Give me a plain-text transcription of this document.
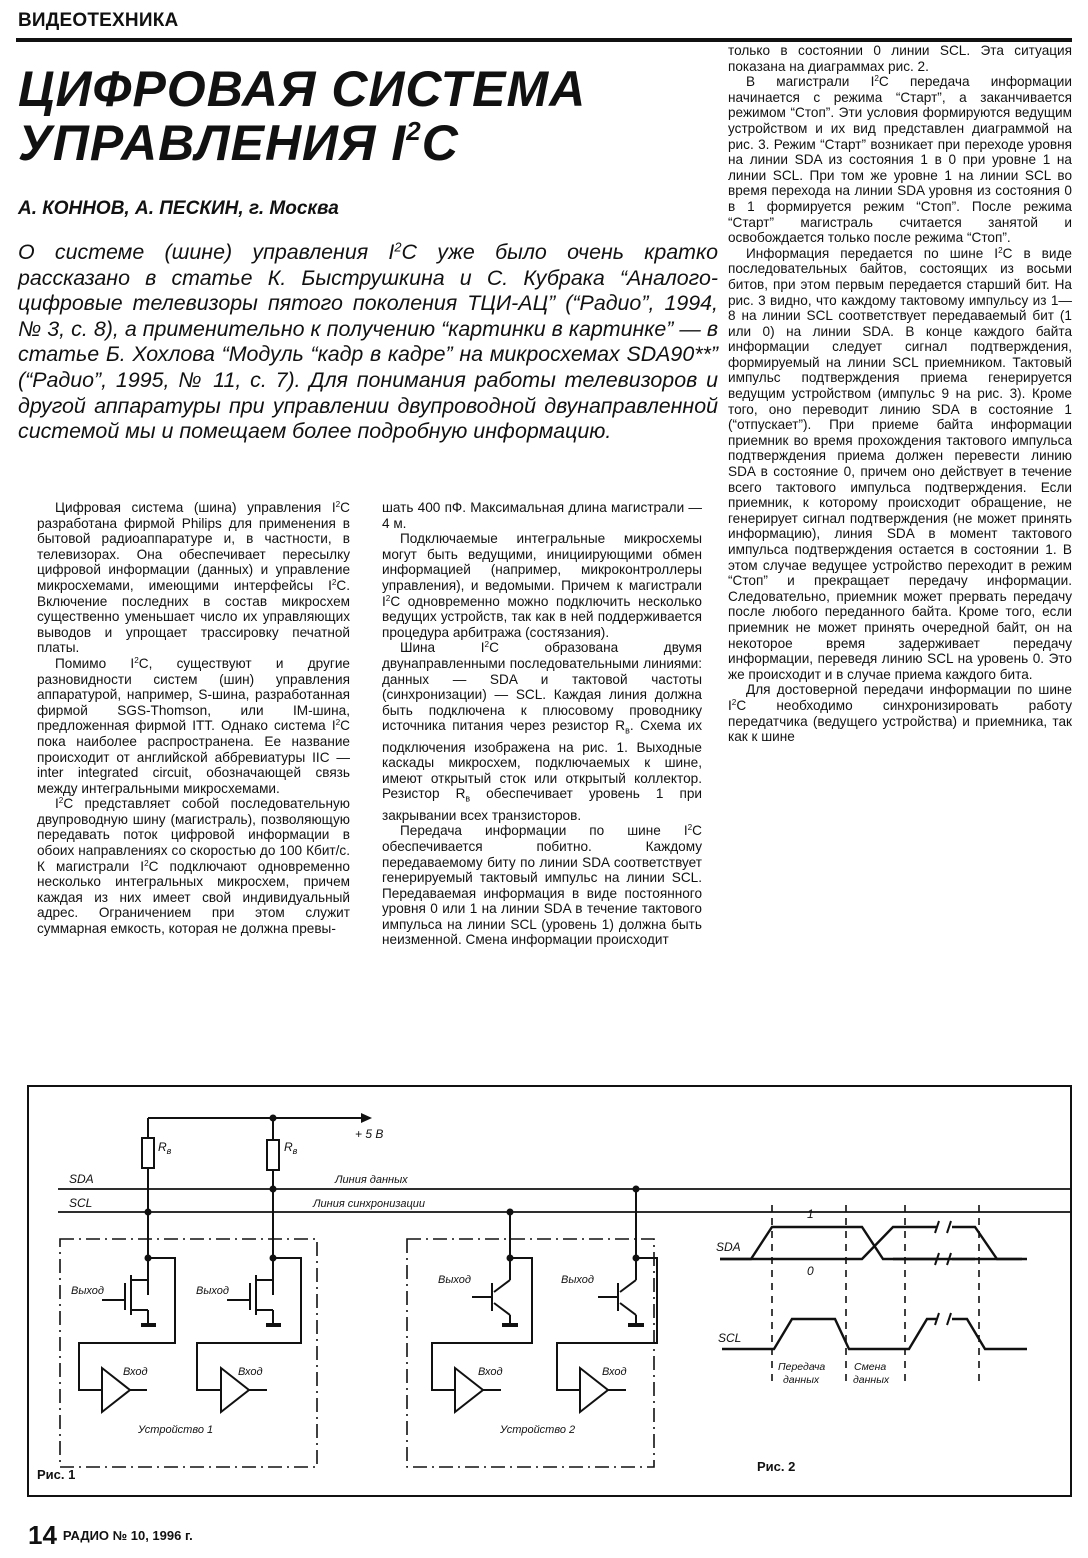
ВИДЕОТЕХНИКА
ЦИФРОВАЯ СИСТЕМА
УПРАВЛЕНИЯ $I^2C$
А. КОННОВ, А. ПЕСКИН, г. Москва
О системе (шине) управления $I^2C$ уже было очень кратко рассказано в статье К. Быструшкина и С. Кубрака “Аналого-цифровые телевизоры пятого поколения ТЦИ-АЦ” (“Радио”, 1994, № 3, с. 8), а применительно к получению “картинки в картинке” — в статье Б. Хохлова “Модуль “кадр в кадре” на микросхемах SDA90**” (“Радио”, 1995, № 11, с. 7). Для понимания работы телевизоров и другой аппаратуры при управлении двупроводной двунаправленной системой мы и помещаем более подробную информацию.

Цифровая система (шина) управления $I^2C$ разработана фирмой Philips для применения в бытовой радиоаппаратуре и, в частности, в телевизорах. Она обеспечивает пересылку цифровой информации (данных) и управление микросхемами, имеющими интерфейсы $I^2C$. Включение последних в состав микросхем существенно уменьшает число их управляющих выводов и упрощает трассировку печатной платы.

Помимо $I^2C$, существуют и другие разновидности систем (шин) управления аппаратурой, например, S-шина, разработанная фирмой SGS-Thomson, или IM-шина, предложенная фирмой ITT. Однако система $I^2C$ пока наиболее распространена. Ее название происходит от английской аббревиатуры IIC — inter integrated circuit, обозначающей связь между интегральными микросхемами.

$I^2C$ представляет собой последовательную двупроводную шину (магистраль), позволяющую передавать поток цифровой информации в обоих направлениях со скоростью до 100 Кбит/с. К магистрали $I^2C$ подключают одновременно несколько интегральных микросхем, причем каждая из них имеет свой индивидуальный адрес. Ограничением при этом служит суммарная емкость, которая не должна превы-

шать 400 пФ. Максимальная длина магистрали — 4 м.

Подключаемые интегральные микросхемы могут быть ведущими, инициирующими обмен информацией (например, микроконтроллеры управления), и ведомыми. Причем к магистрали $I^2C$ одновременно можно подключить несколько ведущих устройств, так как в ней поддерживается процедура арбитража (состязания).

Шина $I^2C$ образована двумя двунаправленными последовательными линиями: данных — SDA и тактовой частоты (синхронизации) — SCL. Каждая линия должна быть подключена к плюсовому проводнику источника питания через резистор $R_в$. Схема их подключения изображена на рис. 1. Выходные каскады микросхем, подключаемых к шине, имеют открытый сток или открытый коллектор. Резистор $R_в$ обеспечивает уровень 1 при закрывании всех транзисторов.

Передача информации по шине $I^2C$ обеспечивается побитно. Каждому передаваемому биту по линии SDA соответствует генерируемый тактовый импульс на линии SCL. Передаваемая информация в виде постоянного уровня 0 или 1 на линии SDA в течение тактового импульса на линии SCL (уровень 1) должна быть неизменной. Смена информации происходит

только в состоянии 0 линии SCL. Эта ситуация показана на диаграммах рис. 2.

В магистрали $I^2C$ передача информации начинается с режима “Старт”, а заканчивается режимом “Стоп”. Эти условия формируются ведущим устройством и их вид представлен диаграммой на рис. 3. Режим “Старт” возникает при переходе уровня на линии SDA из состояния 1 в 0 при уровне 1 на линии SCL. При том же уровне 1 на линии SCL во время перехода на линии SDA уровня из состояния 0 в 1 формируется режим “Стоп”. После режима “Старт” магистраль считается занятой и освобождается только после режима “Стоп”.

Информация передается по шине $I^2C$ в виде последовательных байтов, состоящих из восьми битов, при этом первым передается старший бит. На рис. 3 видно, что каждому тактовому импульсу из 1—8 на линии SCL соответствует передаваемый бит (1 или 0) на линии SDA. В конце каждого байта информации следует сигнал подтверждения, формируемый на линии SCL приемником. Тактовый импульс подтверждения приема генерируется ведущим устройством (импульс 9 на рис. 3). Кроме того, оно переводит линию SDA в состояние 1 (“отпускает”). При приеме байта информации приемник во время прохождения тактового импульса подтверждения приема должен перевести линию SDA в состояние 0, причем оно действует в течение всего тактового импульса подтверждения. Если приемник, к которому происходит обращение, не генерирует сигнал подтверждения (не может принять информацию), линия SDA в момент тактового импульса подтверждения остается в состоянии 1. В этом случае ведущее устройство переходит в режим “Стоп” и прекращает передачу информации. Следовательно, приемник может прервать передачу после любого переданного байта. Кроме того, если приемник не может принять очередной байт, он на некоторое время задерживает передачу информации, переведя линию SCL на уровень 0. Это же происходит и в случае приема каждого бита.

Для достоверной передачи информации по шине $I^2C$ необходимо синхронизировать работу передатчика (ведущего устройства) и приемника, так как к шине

+ 5 В
$R_в$	$R_в$
SDA
SCL
Линия данных
Линия синхронизации
Выход	Выход
Выход	Выход
Вход	Вход	Вход	Вход
Устройство 1	Устройство 2
Рис. 1
SDA
SCL
1
0
Передача
данных
Смена
данных
Рис. 2
14 РАДИО № 10, 1996 г.
